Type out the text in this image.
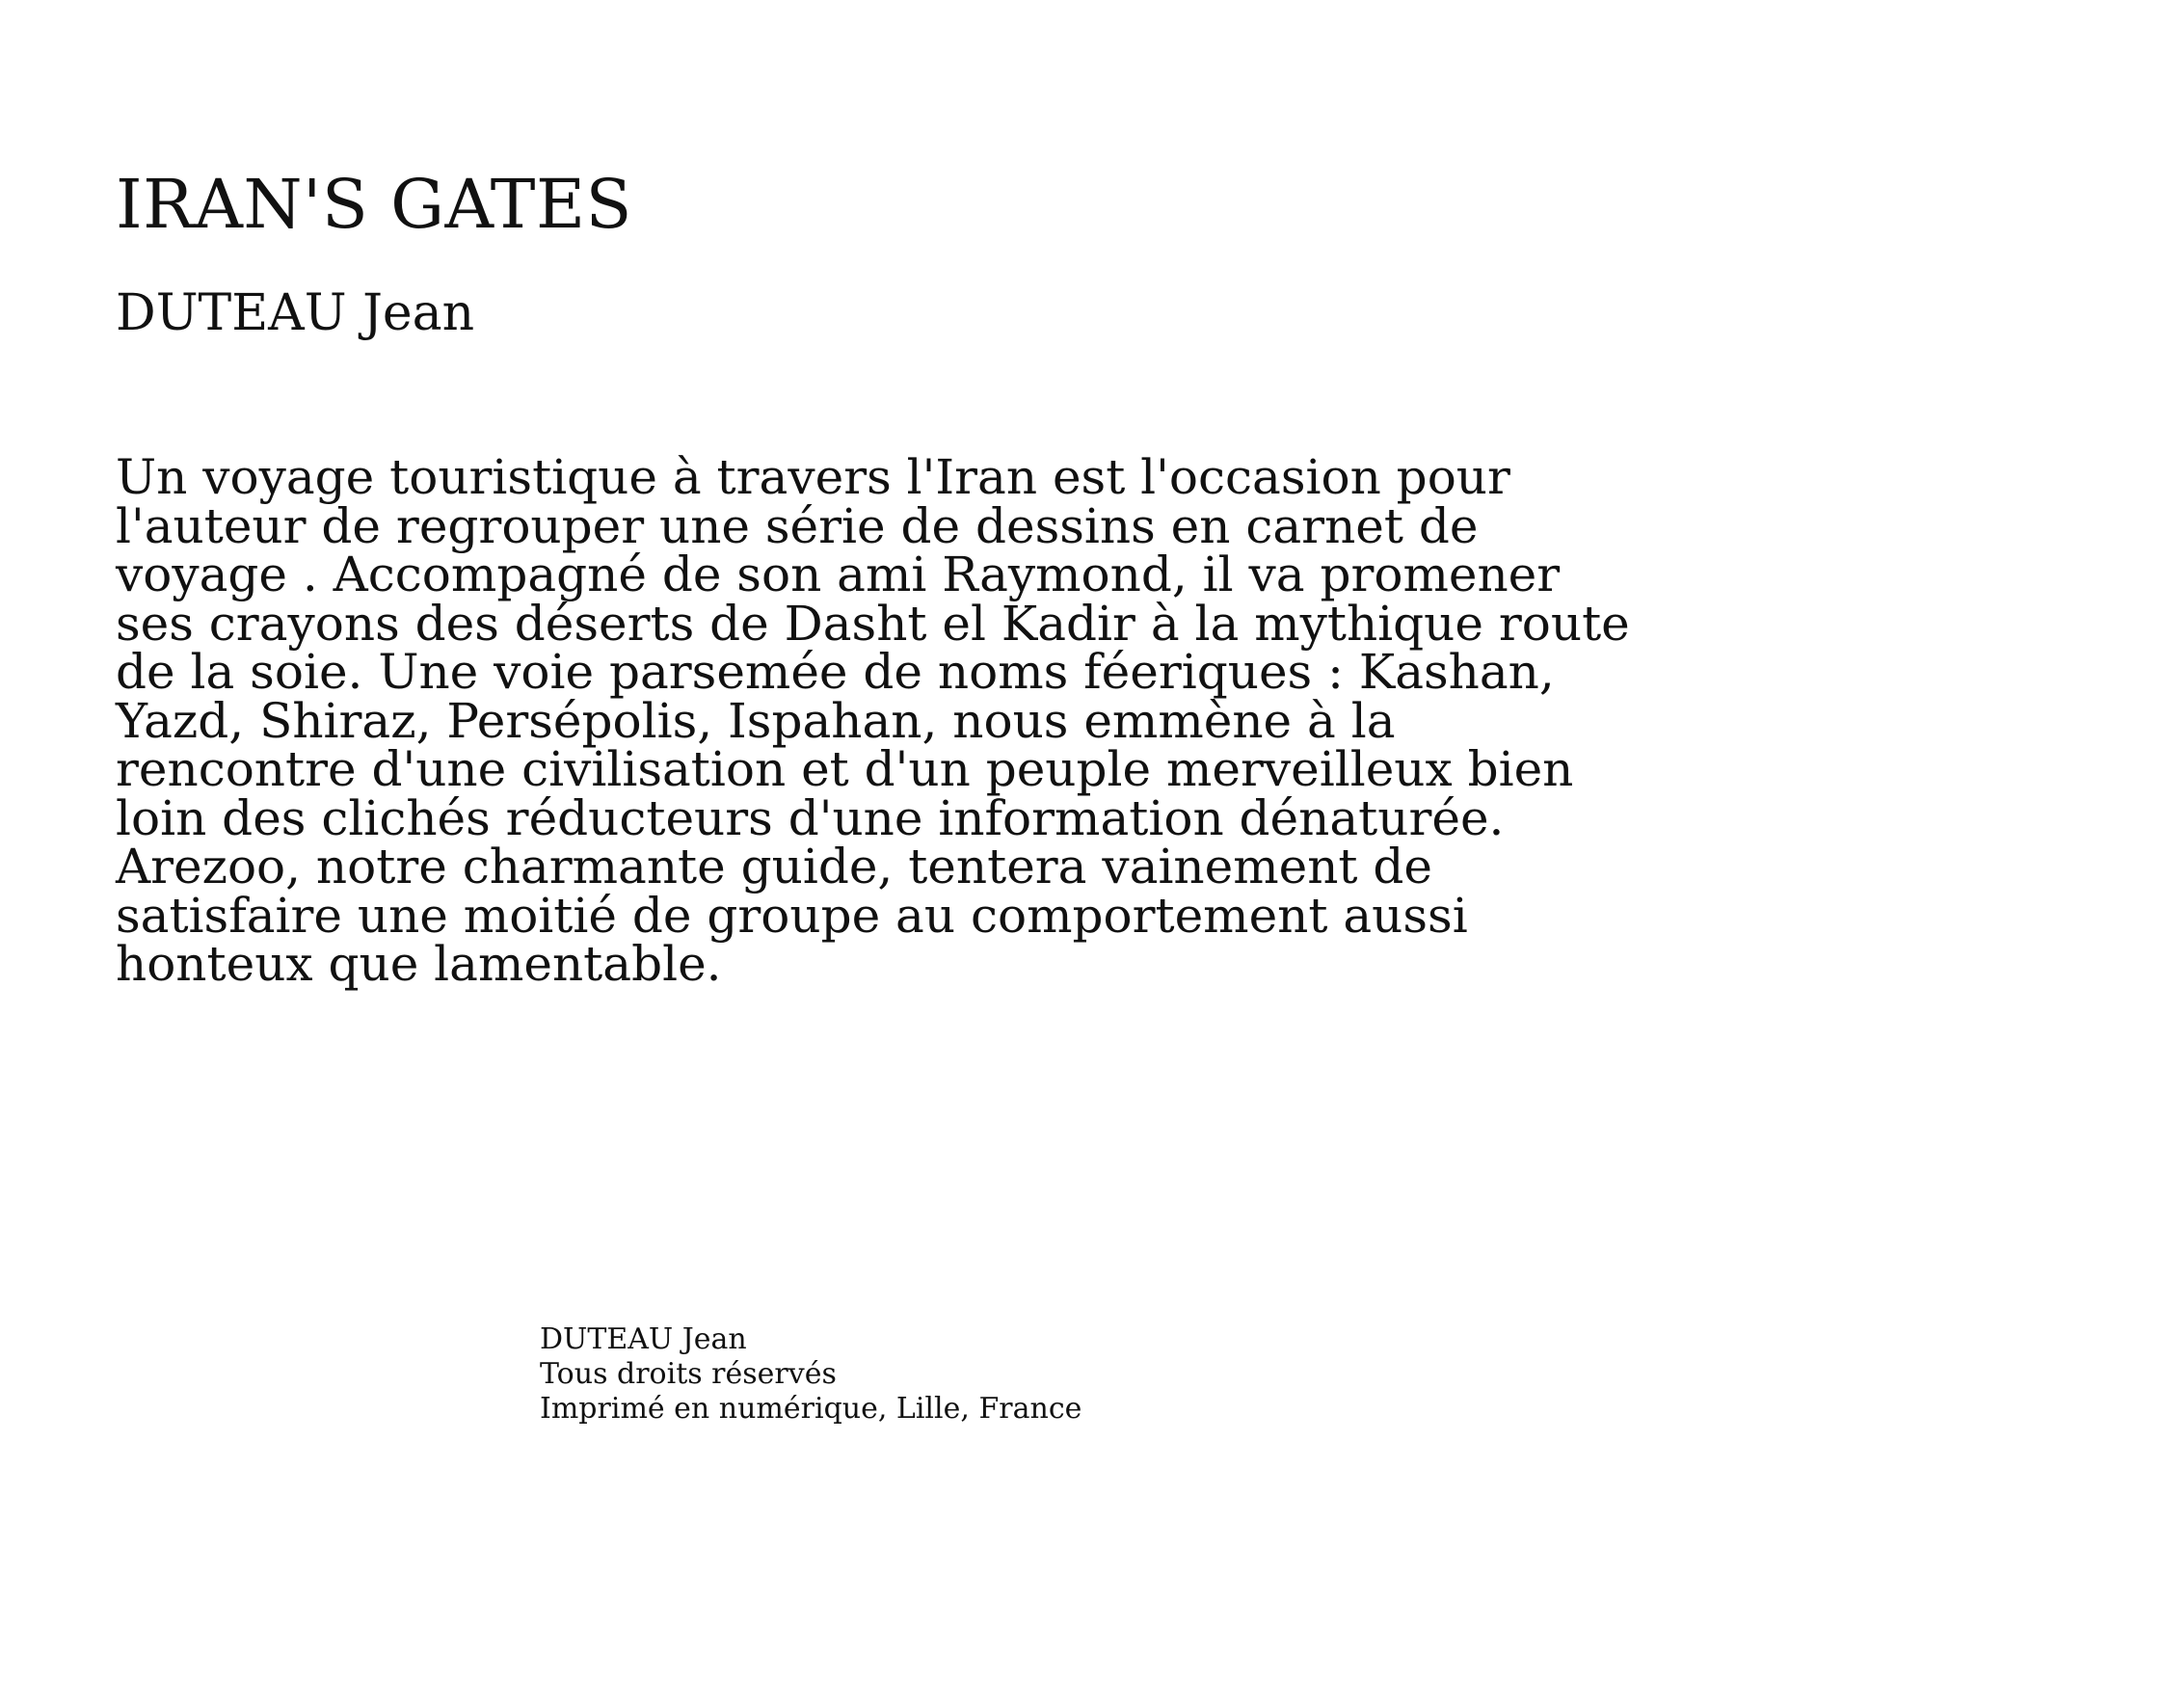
IRAN'S GATES
DUTEAU Jean
Un voyage touristique à travers l'Iran est l'occasion pour
l'auteur de regrouper une série de dessins en carnet de
voyage . Accompagné de son ami Raymond, il va promener
ses crayons des déserts de Dasht el Kadir à la mythique route
de la soie. Une voie parsemée de noms féeriques : Kashan,
Yazd, Shiraz, Persépolis, Ispahan, nous emmène à la
rencontre d'une civilisation et d'un peuple merveilleux bien
loin des clichés réducteurs d'une information dénaturée.
Arezoo, notre charmante guide, tentera vainement de
satisfaire une moitié de groupe au comportement aussi
honteux que lamentable.
DUTEAU Jean
Tous droits réservés
Imprimé en numérique, Lille, France
